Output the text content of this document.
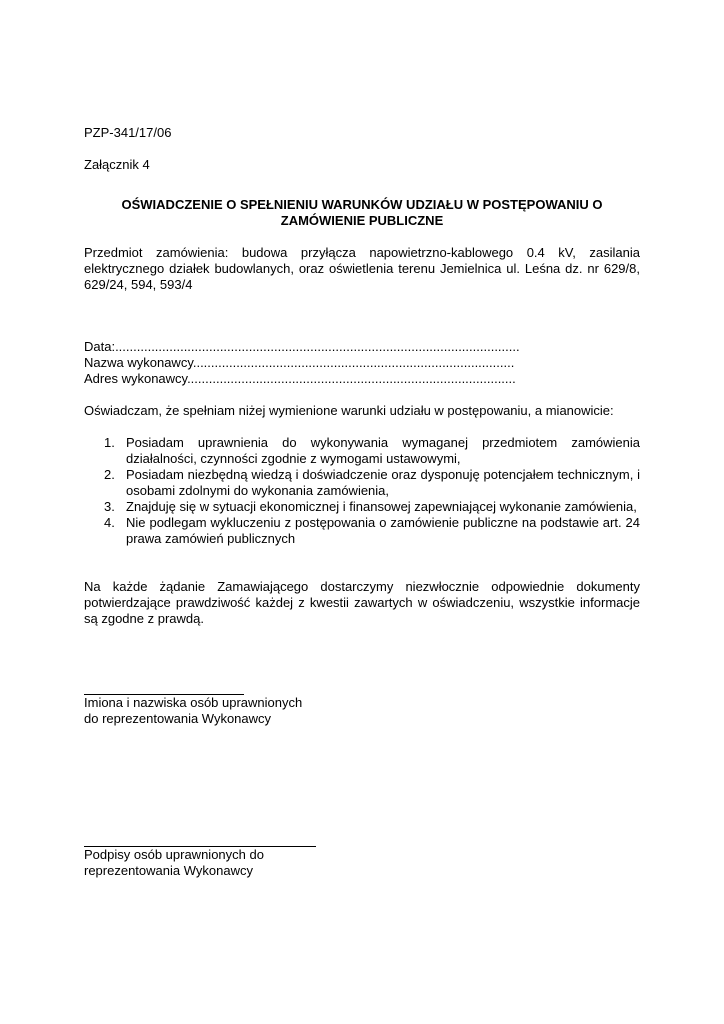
PZP-341/17/06
Załącznik 4
OŚWIADCZENIE O SPEŁNIENIU WARUNKÓW UDZIAŁU W POSTĘPOWANIU O
ZAMÓWIENIE PUBLICZNE
Przedmiot zamówienia: budowa przyłącza napowietrzno-kablowego 0.4 kV, zasilania elektrycznego działek budowlanych, oraz oświetlenia terenu Jemielnica ul. Leśna dz. nr 629/8, 629/24, 594, 593/4
Data:................................................................................................................
Nazwa wykonawcy.........................................................................................
Adres wykonawcy...........................................................................................
Oświadczam, że spełniam niżej wymienione warunki udziału w postępowaniu, a mianowicie:
1. Posiadam uprawnienia do wykonywania wymaganej przedmiotem zamówienia działalności, czynności zgodnie z wymogami ustawowymi,
2. Posiadam niezbędną wiedzą i doświadczenie oraz dysponuję potencjałem technicznym, i osobami zdolnymi do wykonania zamówienia,
3. Znajduję się w sytuacji ekonomicznej i finansowej zapewniającej wykonanie zamówienia,
4. Nie podlegam wykluczeniu z postępowania o zamówienie publiczne na podstawie art. 24 prawa zamówień publicznych
Na każde żądanie Zamawiającego dostarczymy niezwłocznie odpowiednie dokumenty potwierdzające prawdziwość każdej z kwestii zawartych w oświadczeniu, wszystkie informacje są zgodne z prawdą.
Imiona i nazwiska osób uprawnionych
do reprezentowania Wykonawcy
Podpisy osób uprawnionych do
reprezentowania Wykonawcy
